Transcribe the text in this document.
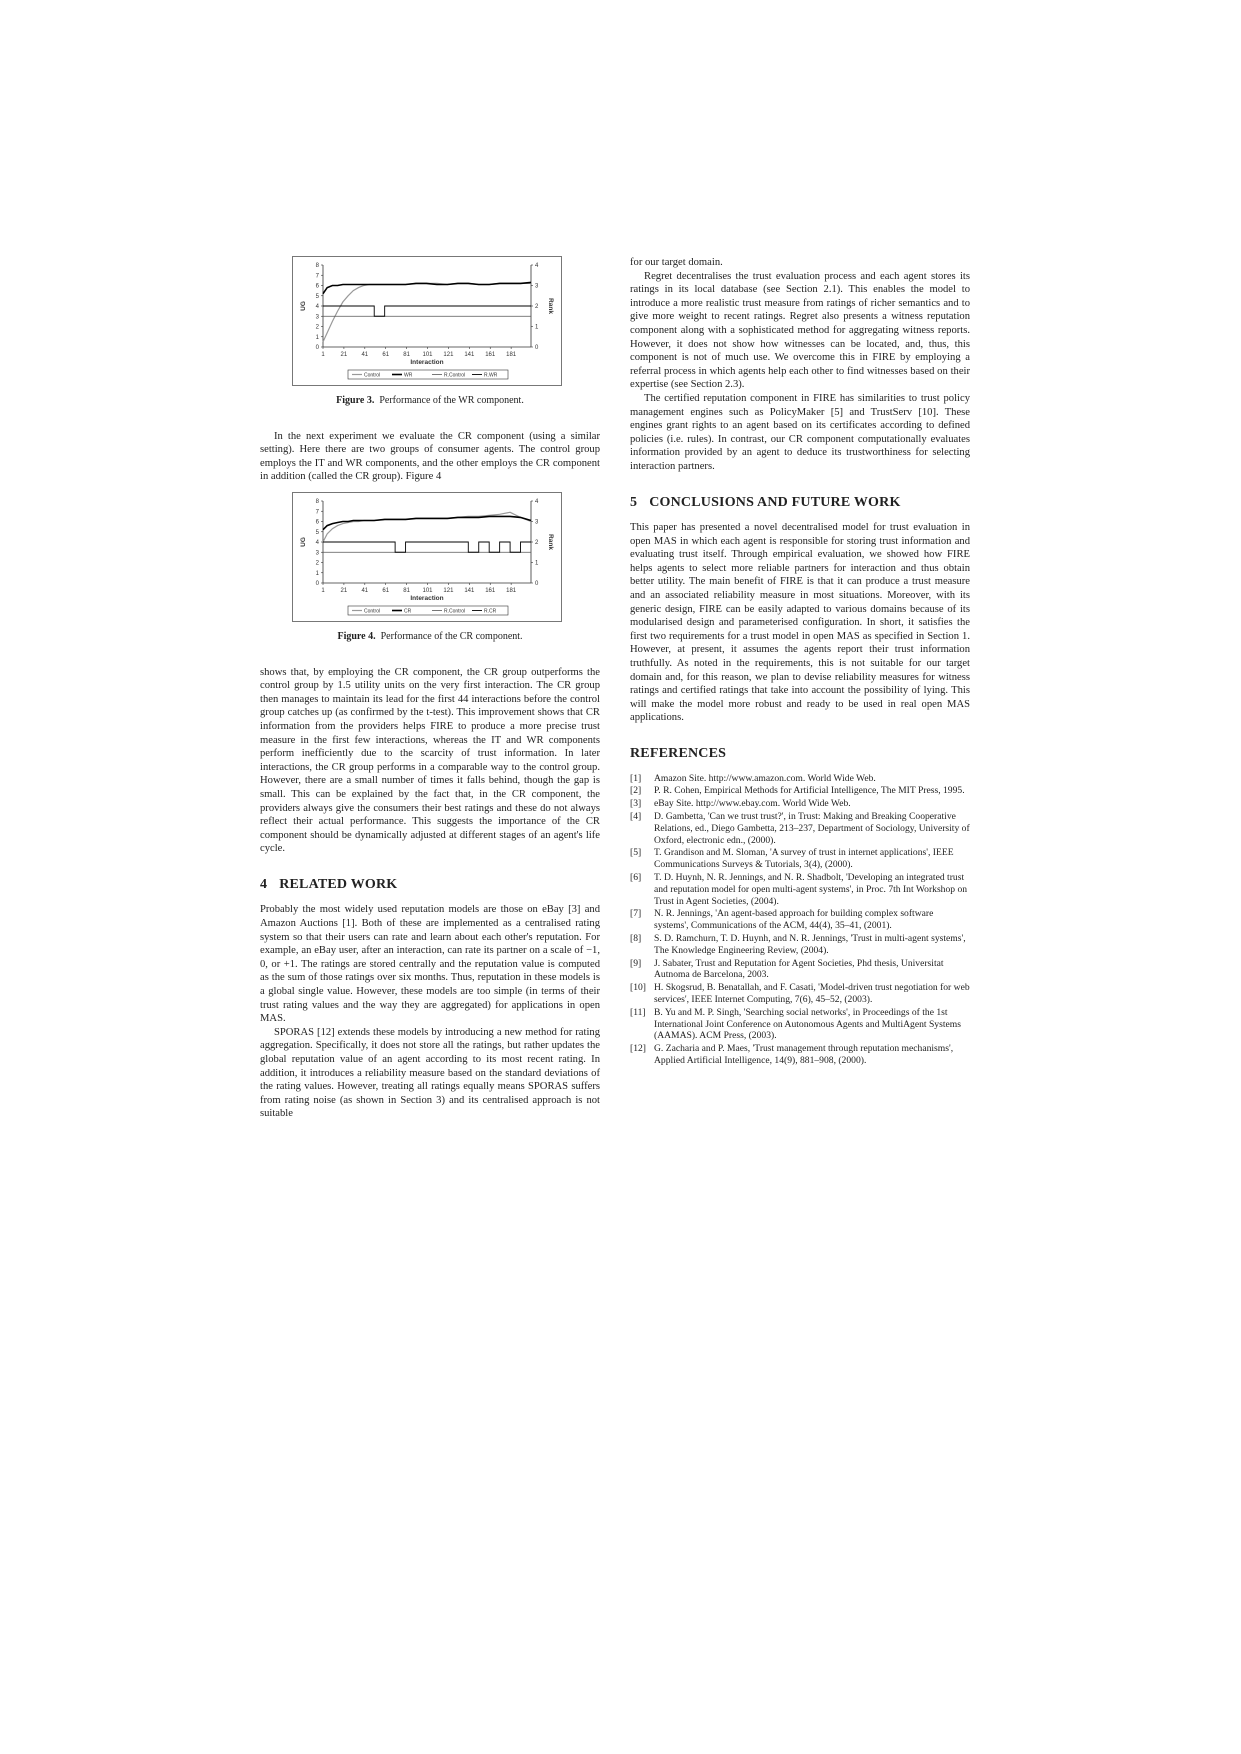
0
1
2
3
4
5
6
7
8
0
1
2
3
4
1	21 41 61 81 101 121 141 161 181
Interaction
UG	Rank
Control	WR	R.Control	R.WR
Figure 3. Performance of the WR component.

In the next experiment we evaluate the CR component (using a similar setting). Here there are two groups of consumer agents. The control group employs the IT and WR components, and the other employs the CR component in addition (called the CR group). Figure 4

0
1
2
3
4
5
6
7
8
0
1
2
3
4
1	21 41 61 81 101 121 141 161 181
Interaction
UG	Rank
Control	CR	R.Control	R.CR
Figure 4. Performance of the CR component.

shows that, by employing the CR component, the CR group outperforms the control group by 1.5 utility units on the very first interaction. The CR group then manages to maintain its lead for the first 44 interactions before the control group catches up (as confirmed by the t-test). This improvement shows that CR information from the providers helps FIRE to produce a more precise trust measure in the first few interactions, whereas the IT and WR components perform inefficiently due to the scarcity of trust information. In later interactions, the CR group performs in a comparable way to the control group. However, there are a small number of times it falls behind, though the gap is small. This can be explained by the fact that, in the CR component, the providers always give the consumers their best ratings and these do not always reflect their actual performance. This suggests the importance of the CR component should be dynamically adjusted at different stages of an agent's life cycle.

4 RELATED WORK

Probably the most widely used reputation models are those on eBay [3] and Amazon Auctions [1]. Both of these are implemented as a centralised rating system so that their users can rate and learn about each other's reputation. For example, an eBay user, after an interaction, can rate its partner on a scale of −1, 0, or +1. The ratings are stored centrally and the reputation value is computed as the sum of those ratings over six months. Thus, reputation in these models is a global single value. However, these models are too simple (in terms of their trust rating values and the way they are aggregated) for applications in open MAS.

SPORAS [12] extends these models by introducing a new method for rating aggregation. Specifically, it does not store all the ratings, but rather updates the global reputation value of an agent according to its most recent rating. In addition, it introduces a reliability measure based on the standard deviations of the rating values. However, treating all ratings equally means SPORAS suffers from rating noise (as shown in Section 3) and its centralised approach is not suitable

for our target domain.

Regret decentralises the trust evaluation process and each agent stores its ratings in its local database (see Section 2.1). This enables the model to introduce a more realistic trust measure from ratings of richer semantics and to give more weight to recent ratings. Regret also presents a witness reputation component along with a sophisticated method for aggregating witness reports. However, it does not show how witnesses can be located, and, thus, this component is not of much use. We overcome this in FIRE by employing a referral process in which agents help each other to find witnesses based on their expertise (see Section 2.3).

The certified reputation component in FIRE has similarities to trust policy management engines such as PolicyMaker [5] and TrustServ [10]. These engines grant rights to an agent based on its certificates according to defined policies (i.e. rules). In contrast, our CR component computationally evaluates information provided by an agent to deduce its trustworthiness for selecting interaction partners.

5 CONCLUSIONS AND FUTURE WORK

This paper has presented a novel decentralised model for trust evaluation in open MAS in which each agent is responsible for storing trust information and evaluating trust itself. Through empirical evaluation, we showed how FIRE helps agents to select more reliable partners for interaction and thus obtain better utility. The main benefit of FIRE is that it can produce a trust measure and an associated reliability measure in most situations. Moreover, with its generic design, FIRE can be easily adapted to various domains because of its modularised design and parameterised configuration. In short, it satisfies the first two requirements for a trust model in open MAS as specified in Section 1. However, at present, it assumes the agents report their trust information truthfully. As noted in the requirements, this is not suitable for our target domain and, for this reason, we plan to devise reliability measures for witness ratings and certified ratings that take into account the possibility of lying. This will make the model more robust and ready to be used in real open MAS applications.

REFERENCES
[1] Amazon Site. http://www.amazon.com. World Wide Web.
[2] P. R. Cohen, Empirical Methods for Artificial Intelligence, The MIT Press, 1995.
[3] eBay Site. http://www.ebay.com. World Wide Web.
[4] D. Gambetta, 'Can we trust trust?', in Trust: Making and Breaking Cooperative Relations, ed., Diego Gambetta, 213–237, Department of Sociology, University of Oxford, electronic edn., (2000).
[5] T. Grandison and M. Sloman, 'A survey of trust in internet applications', IEEE Communications Surveys & Tutorials, 3(4), (2000).
[6] T. D. Huynh, N. R. Jennings, and N. R. Shadbolt, 'Developing an integrated trust and reputation model for open multi-agent systems', in Proc. 7th Int Workshop on Trust in Agent Societies, (2004).
[7] N. R. Jennings, 'An agent-based approach for building complex software systems', Communications of the ACM, 44(4), 35–41, (2001).
[8] S. D. Ramchurn, T. D. Huynh, and N. R. Jennings, 'Trust in multi-agent systems', The Knowledge Engineering Review, (2004).
[9] J. Sabater, Trust and Reputation for Agent Societies, Phd thesis, Universitat Autnoma de Barcelona, 2003.
[10] H. Skogsrud, B. Benatallah, and F. Casati, 'Model-driven trust negotiation for web services', IEEE Internet Computing, 7(6), 45–52, (2003).
[11] B. Yu and M. P. Singh, 'Searching social networks', in Proceedings of the 1st International Joint Conference on Autonomous Agents and MultiAgent Systems (AAMAS). ACM Press, (2003).
[12] G. Zacharia and P. Maes, 'Trust management through reputation mechanisms', Applied Artificial Intelligence, 14(9), 881–908, (2000).
